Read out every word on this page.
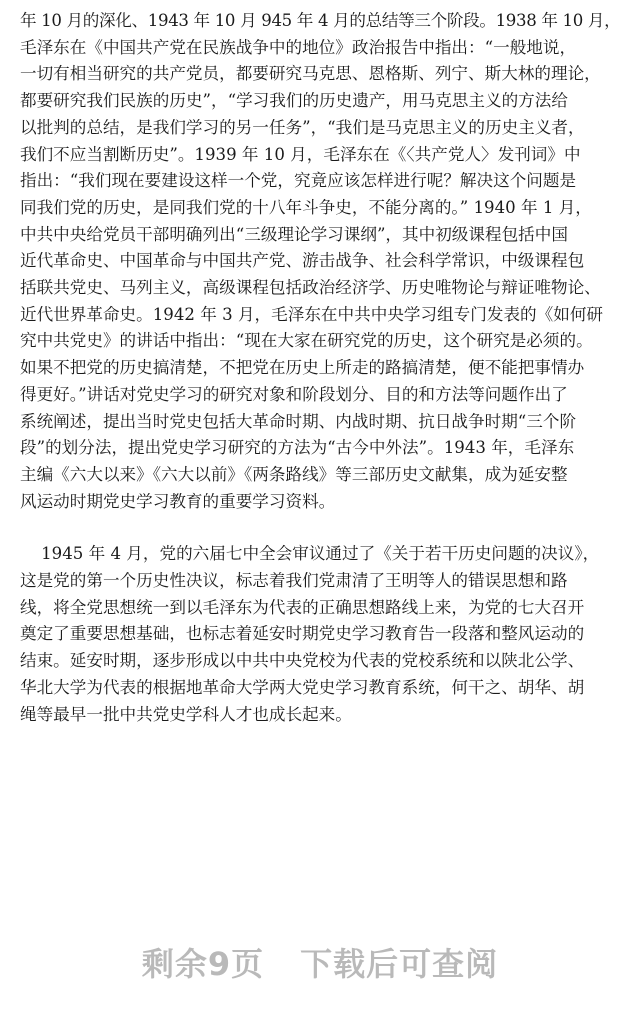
年 10 月的深化、1943 年 10 月 945 年 4 月的总结等三个阶段。1938 年 10 月，
毛泽东在《中国共产党在民族战争中的地位》政治报告中指出：“一般地说，
一切有相当研究的共产党员，都要研究马克思、恩格斯、列宁、斯大林的理论，
都要研究我们民族的历史”，“学习我们的历史遗产，用马克思主义的方法给
以批判的总结，是我们学习的另一任务”，“我们是马克思主义的历史主义者，
我们不应当割断历史”。1939 年 10 月，毛泽东在《〈共产党人〉发刊词》中
指出：“我们现在要建设这样一个党，究竟应该怎样进行呢？解决这个问题是
同我们党的历史，是同我们党的十八年斗争史，不能分离的。” 1940 年 1 月，
中共中央给党员干部明确列出“三级理论学习课纲”，其中初级课程包括中国
近代革命史、中国革命与中国共产党、游击战争、社会科学常识，中级课程包
括联共党史、马列主义，高级课程包括政治经济学、历史唯物论与辩证唯物论、
近代世界革命史。1942 年 3 月，毛泽东在中共中央学习组专门发表的《如何研
究中共党史》的讲话中指出：“现在大家在研究党的历史，这个研究是必须的。
如果不把党的历史搞清楚，不把党在历史上所走的路搞清楚，便不能把事情办
得更好。”讲话对党史学习的研究对象和阶段划分、目的和方法等问题作出了
系统阐述，提出当时党史包括大革命时期、内战时期、抗日战争时期“三个阶
段”的划分法，提出党史学习研究的方法为“古今中外法”。1943 年，毛泽东
主编《六大以来》《六大以前》《两条路线》等三部历史文献集，成为延安整
风运动时期党史学习教育的重要学习资料。

1945 年 4 月，党的六届七中全会审议通过了《关于若干历史问题的决议》，
这是党的第一个历史性决议，标志着我们党肃清了王明等人的错误思想和路
线，将全党思想统一到以毛泽东为代表的正确思想路线上来，为党的七大召开
奠定了重要思想基础，也标志着延安时期党史学习教育告一段落和整风运动的
结束。延安时期，逐步形成以中共中央党校为代表的党校系统和以陕北公学、
华北大学为代表的根据地革命大学两大党史学习教育系统，何干之、胡华、胡
绳等最早一批中共党史学科人才也成长起来。

剩余9页 下载后可查阅
